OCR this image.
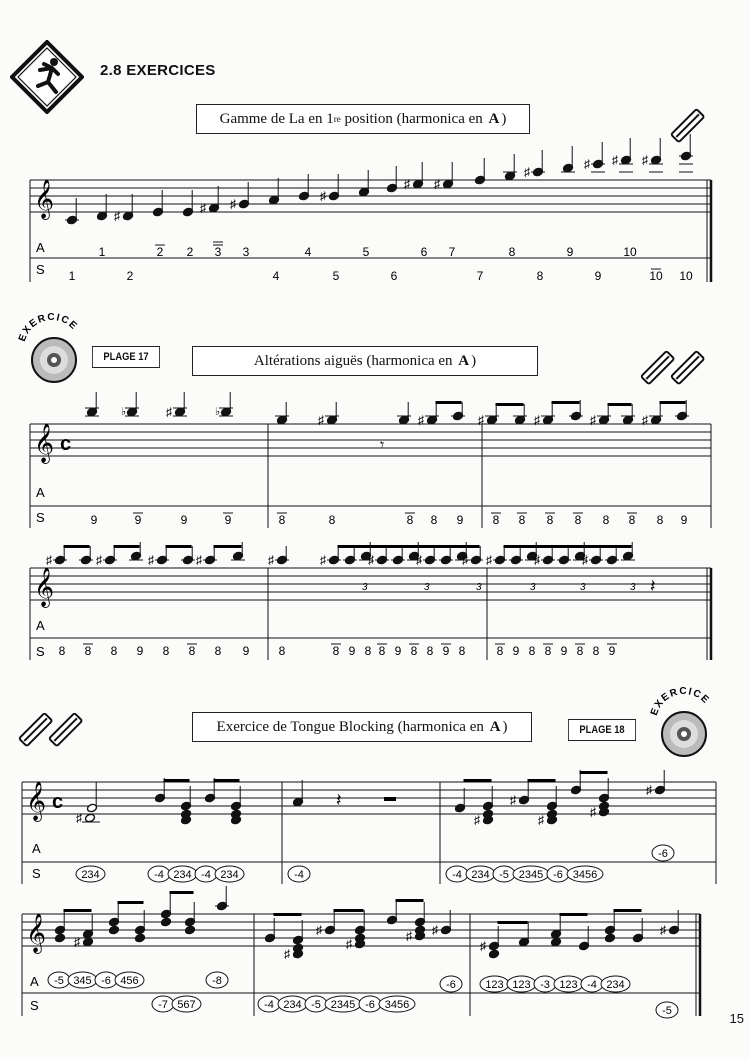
2.8 EXERCICES
Gamme de La en 1 re position (harmonica en A )
EXERCICE
PLAGE 17	Altérations aiguës (harmonica en A )
Exercice de Tongue Blocking (harmonica en A )	PLAGE 18
EXERCICE
𝄞	♯
♯ ♯
♯
♯ ♯
♯
♯ ♯ ♯
A
S
1	2 2 3 3	4	5	6 7	8	9	10
1	2	4	5	6	7	8	9	10 10
𝄞 c
♭	♯	♭
♯
𝄾
♯	♯	♯	♯	♯
A
S	9	9	9	9	8	8	8 8 9 8 8 8 8 8 8 8 9
𝄞
♯	♯	♯	♯	♯	♯	♯	♯	♯
3	3	3
♯	♯	♯
3	3	3 𝄽
A
S 8 8 8 9 8 8 8 9 8	8 9 8 8 9 8 8 9 8	8 9 8 8 9 8 8 9
𝄞 c
♯
𝄽
♯
♯
♯
♯
♯
A
S
-6
234	-4 234 -4 234	-4	-4 234 -5 2345 -6 3456
𝄞 ♯
♯
♯
♯
♯ ♯
♯
♯
A
S
-5 345 -6 456	-8	-6	123 123 -3 123 -4 234
-7 567	-4 234 -5 2345 -6 3456	-5	15
